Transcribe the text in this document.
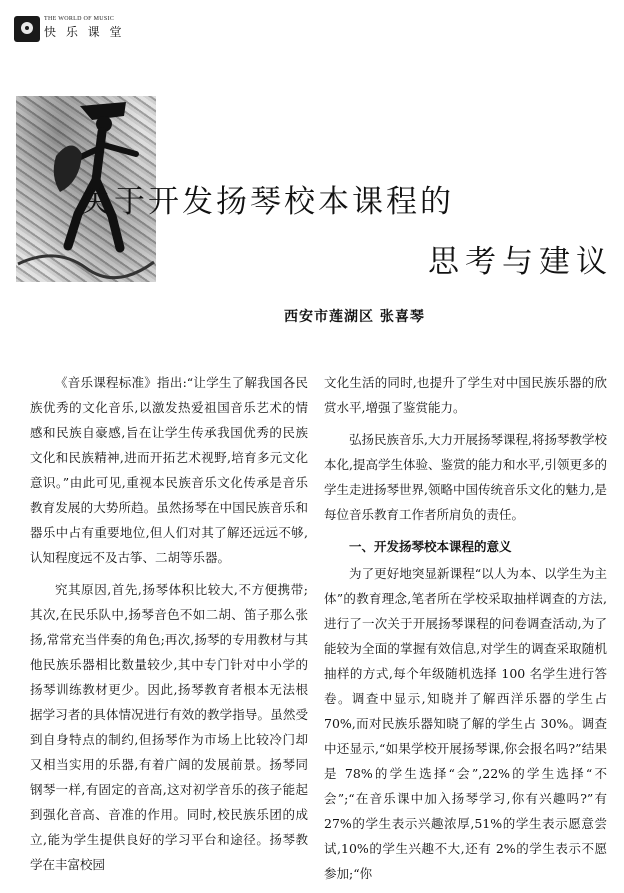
THE WORLD OF MUSIC
快 乐 课 堂
关于开发扬琴校本课程的
思考与建议
西安市莲湖区 张喜琴

《音乐课程标准》指出:“让学生了解我国各民族优秀的文化音乐,以激发热爱祖国音乐艺术的情感和民族自豪感,旨在让学生传承我国优秀的民族文化和民族精神,进而开拓艺术视野,培育多元文化意识。”由此可见,重视本民族音乐文化传承是音乐教育发展的大势所趋。虽然扬琴在中国民族音乐和器乐中占有重要地位,但人们对其了解还远远不够,认知程度远不及古筝、二胡等乐器。

究其原因,首先,扬琴体积比较大,不方便携带;其次,在民乐队中,扬琴音色不如二胡、笛子那么张扬,常常充当伴奏的角色;再次,扬琴的专用教材与其他民族乐器相比数量较少,其中专门针对中小学的扬琴训练教材更少。因此,扬琴教育者根本无法根据学习者的具体情况进行有效的教学指导。虽然受到自身特点的制约,但扬琴作为市场上比较冷门却又相当实用的乐器,有着广阔的发展前景。扬琴同钢琴一样,有固定的音高,这对初学音乐的孩子能起到强化音高、音准的作用。同时,校民族乐团的成立,能为学生提供良好的学习平台和途径。扬琴教学在丰富校园

文化生活的同时,也提升了学生对中国民族乐器的欣赏水平,增强了鉴赏能力。

弘扬民族音乐,大力开展扬琴课程,将扬琴教学校本化,提高学生体验、鉴赏的能力和水平,引领更多的学生走进扬琴世界,领略中国传统音乐文化的魅力,是每位音乐教育工作者所肩负的责任。

一、开发扬琴校本课程的意义

为了更好地突显新课程“以人为本、以学生为主体”的教育理念,笔者所在学校采取抽样调查的方法,进行了一次关于开展扬琴课程的问卷调查活动,为了能较为全面的掌握有效信息,对学生的调查采取随机抽样的方式,每个年级随机选择 100 名学生进行答卷。调查中显示,知晓并了解西洋乐器的学生占 70%,而对民族乐器知晓了解的学生占 30%。调查中还显示,“如果学校开展扬琴课,你会报名吗?”结果是 78%的学生选择“会”,22%的学生选择“不会”;“在音乐课中加入扬琴学习,你有兴趣吗?”有 27%的学生表示兴趣浓厚,51%的学生表示愿意尝试,10%的学生兴趣不大,还有 2%的学生表示不愿参加;“你
